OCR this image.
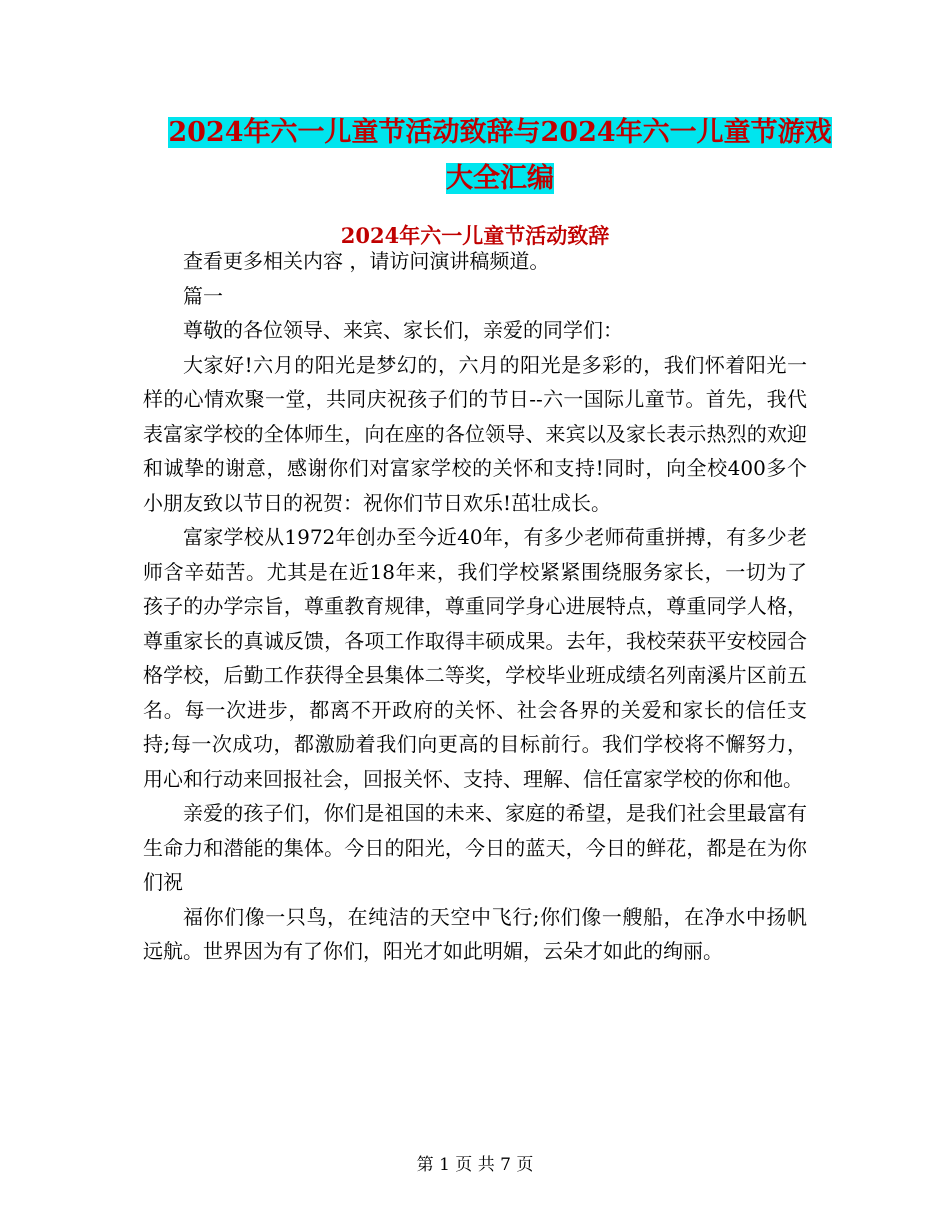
2024年六一儿童节活动致辞与2024年六一儿童节游戏
大全汇编
2024年六一儿童节活动致辞

查看更多相关内容 ，请访问演讲稿频道。

篇一

尊敬的各位领导、来宾、家长们，亲爱的同学们：

大家好!六月的阳光是梦幻的，六月的阳光是多彩的，我们怀着阳光一样的心情欢聚一堂，共同庆祝孩子们的节日--六一国际儿童节。首先，我代表富家学校的全体师生，向在座的各位领导、来宾以及家长表示热烈的欢迎和诚挚的谢意，感谢你们对富家学校的关怀和支持!同时，向全校400多个小朋友致以节日的祝贺：祝你们节日欢乐!茁壮成长。

富家学校从1972年创办至今近40年，有多少老师荷重拼搏，有多少老师含辛茹苦。尤其是在近18年来，我们学校紧紧围绕服务家长，一切为了孩子的办学宗旨，尊重教育规律，尊重同学身心进展特点，尊重同学人格，尊重家长的真诚反馈，各项工作取得丰硕成果。去年，我校荣获平安校园合格学校，后勤工作获得全县集体二等奖，学校毕业班成绩名列南溪片区前五名。每一次进步，都离不开政府的关怀、社会各界的关爱和家长的信任支持;每一次成功，都激励着我们向更高的目标前行。我们学校将不懈努力，用心和行动来回报社会，回报关怀、支持、理解、信任富家学校的你和他。

亲爱的孩子们，你们是祖国的未来、家庭的希望，是我们社会里最富有生命力和潜能的集体。今日的阳光，今日的蓝天，今日的鲜花，都是在为你们祝

福你们像一只鸟，在纯洁的天空中飞行;你们像一艘船，在净水中扬帆远航。世界因为有了你们，阳光才如此明媚，云朵才如此的绚丽。

第 1 页 共 7 页
